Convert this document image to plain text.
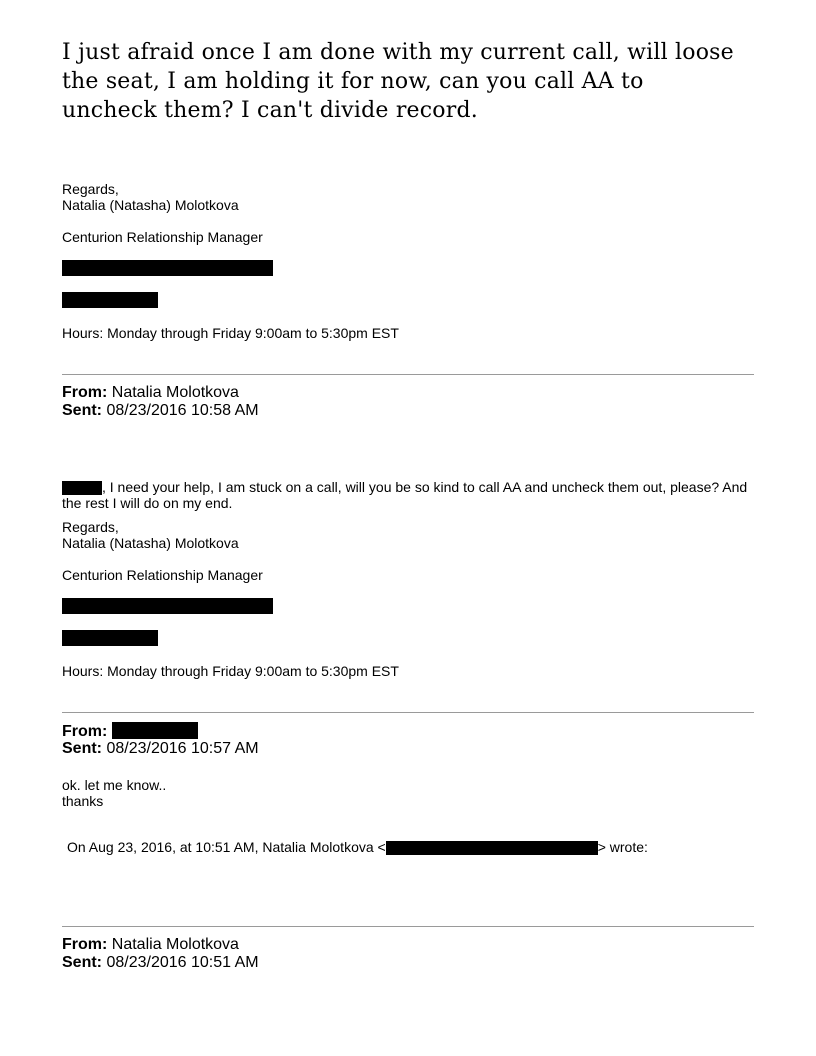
I just afraid once I am done with my current call, will loose
the seat, I am holding it for now, can you call AA to
uncheck them? I can't divide record.
Regards,
Natalia (Natasha) Molotkova
Centurion Relationship Manager
Hours: Monday through Friday 9:00am to 5:30pm EST
From: Natalia Molotkova
Sent: 08/23/2016 10:58 AM
, I need your help, I am stuck on a call, will you be so kind to call AA and uncheck them out, please? And
the rest I will do on my end.
Regards,
Natalia (Natasha) Molotkova
Centurion Relationship Manager
Hours: Monday through Friday 9:00am to 5:30pm EST
From:
Sent: 08/23/2016 10:57 AM
ok. let me know..
thanks
On Aug 23, 2016, at 10:51 AM, Natalia Molotkova <	> wrote:
From: Natalia Molotkova
Sent: 08/23/2016 10:51 AM
